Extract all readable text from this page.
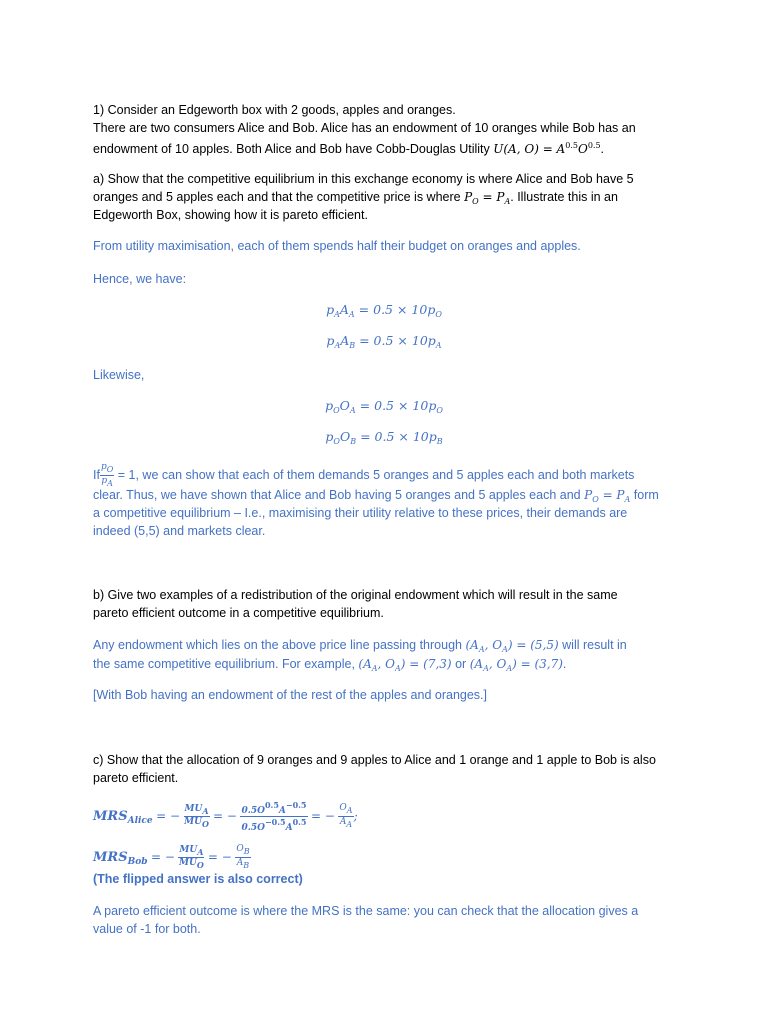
1) Consider an Edgeworth box with 2 goods, apples and oranges.

There are two consumers Alice and Bob. Alice has an endowment of 10 oranges while Bob has an

endowment of 10 apples. Both Alice and Bob have Cobb-Douglas Utility U(A, $O) = A^{0.5}O^{0.5}$.

a) Show that the competitive equilibrium in this exchange economy is where Alice and Bob have 5

oranges and 5 apples each and that the competitive price is where $P_O = P_A$. Illustrate this in an

Edgeworth Box, showing how it is pareto efficient.

From utility maximisation, each of them spends half their budget on oranges and apples.

Hence, we have:

$p_AA_A = 0.5 \times 10p_O$
$p_AA_B = 0.5 \times 10p_A$

Likewise,

$p_OO_A = 0.5 \times 10p_O$
$p_OO_B = 0.5 \times 10p_B$

If $\frac{p_O}{p_A} = 1$, we can show that each of them demands 5 oranges and 5 apples each and both markets

clear. Thus, we have shown that Alice and Bob having 5 oranges and 5 apples each and $P_O = P_A$ form

a competitive equilibrium – I.e., maximising their utility relative to these prices, their demands are

indeed (5,5) and markets clear.

b) Give two examples of a redistribution of the original endowment which will result in the same

pareto efficient outcome in a competitive equilibrium.

Any endowment which lies on the above price line passing through ($A_A$, $O_A) = (5,5)$ will result in

the same competitive equilibrium. For example, ($A_A$, $O_A) = (7,3)$ or ($A_A$, $O_A) = (3,7)$.

[With Bob having an endowment of the rest of the apples and oranges.]

c) Show that the allocation of 9 oranges and 9 apples to Alice and 1 orange and 1 apple to Bob is also

pareto efficient.

$MRS_{Alice}$ = − $\frac{MU_A}{MU_O}$ = − $\frac{0.5O^{0.5}A^{-0.5}}{0.5O^{-0.5}A^{0.5}}$ = − $\frac{O_A}{A_A}$ ;
$MRS_{Bob}$ = − $\frac{MU_A}{MU_O}$ = − $\frac{O_B}{A_B}$

(The flipped answer is also correct)

A pareto efficient outcome is where the MRS is the same: you can check that the allocation gives a

value of -1 for both.
